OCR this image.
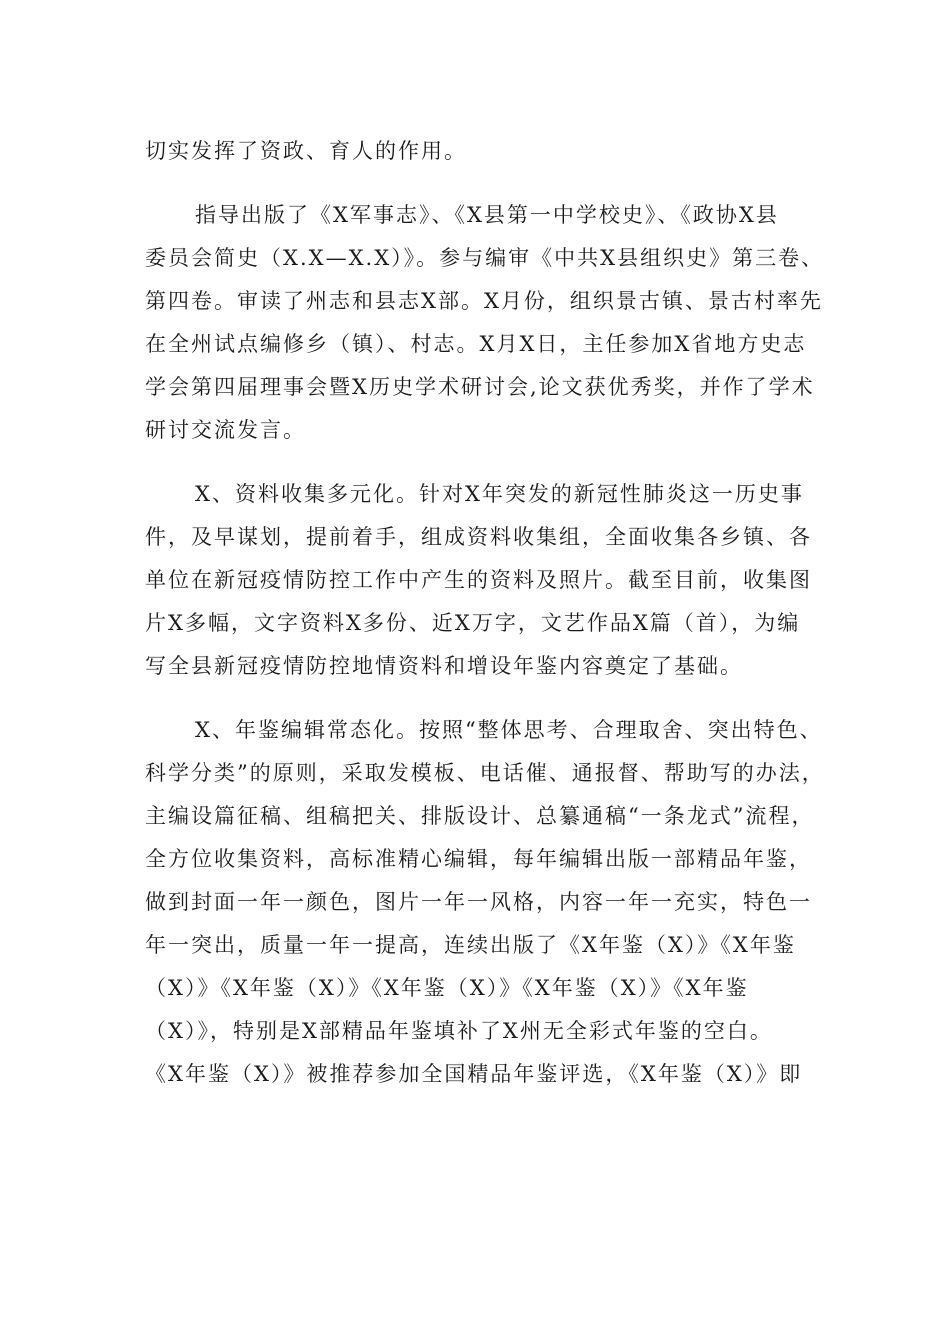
切实发挥了资政、育人的作用。
指导出版了《X军事志》、《X县第一中学校史》、《政协X县
委员会简史（X.X—X.X）》。参与编审《中共X县组织史》第三卷、
第四卷。审读了州志和县志X部。X月份，组织景古镇、景古村率先
在全州试点编修乡（镇）、村志。X月X日，主任参加X省地方史志
学会第四届理事会暨X历史学术研讨会,论文获优秀奖，并作了学术
研讨交流发言。
X、资料收集多元化。针对X年突发的新冠性肺炎这一历史事
件，及早谋划，提前着手，组成资料收集组，全面收集各乡镇、各
单位在新冠疫情防控工作中产生的资料及照片。截至目前，收集图
片X多幅，文字资料X多份、近X万字，文艺作品X篇（首），为编
写全县新冠疫情防控地情资料和增设年鉴内容奠定了基础。
X、年鉴编辑常态化。按照“整体思考、合理取舍、突出特色、
科学分类”的原则，采取发模板、电话催、通报督、帮助写的办法，
主编设篇征稿、组稿把关、排版设计、总纂通稿“一条龙式”流程，
全方位收集资料，高标准精心编辑，每年编辑出版一部精品年鉴，
做到封面一年一颜色，图片一年一风格，内容一年一充实，特色一
年一突出，质量一年一提高，连续出版了《X年鉴（X）》《X年鉴
（X）》《X年鉴（X）》《X年鉴（X）》《X年鉴（X）》《X年鉴
（X）》，特别是X部精品年鉴填补了X州无全彩式年鉴的空白。
《X年鉴（X）》被推荐参加全国精品年鉴评选，《X年鉴（X）》即
